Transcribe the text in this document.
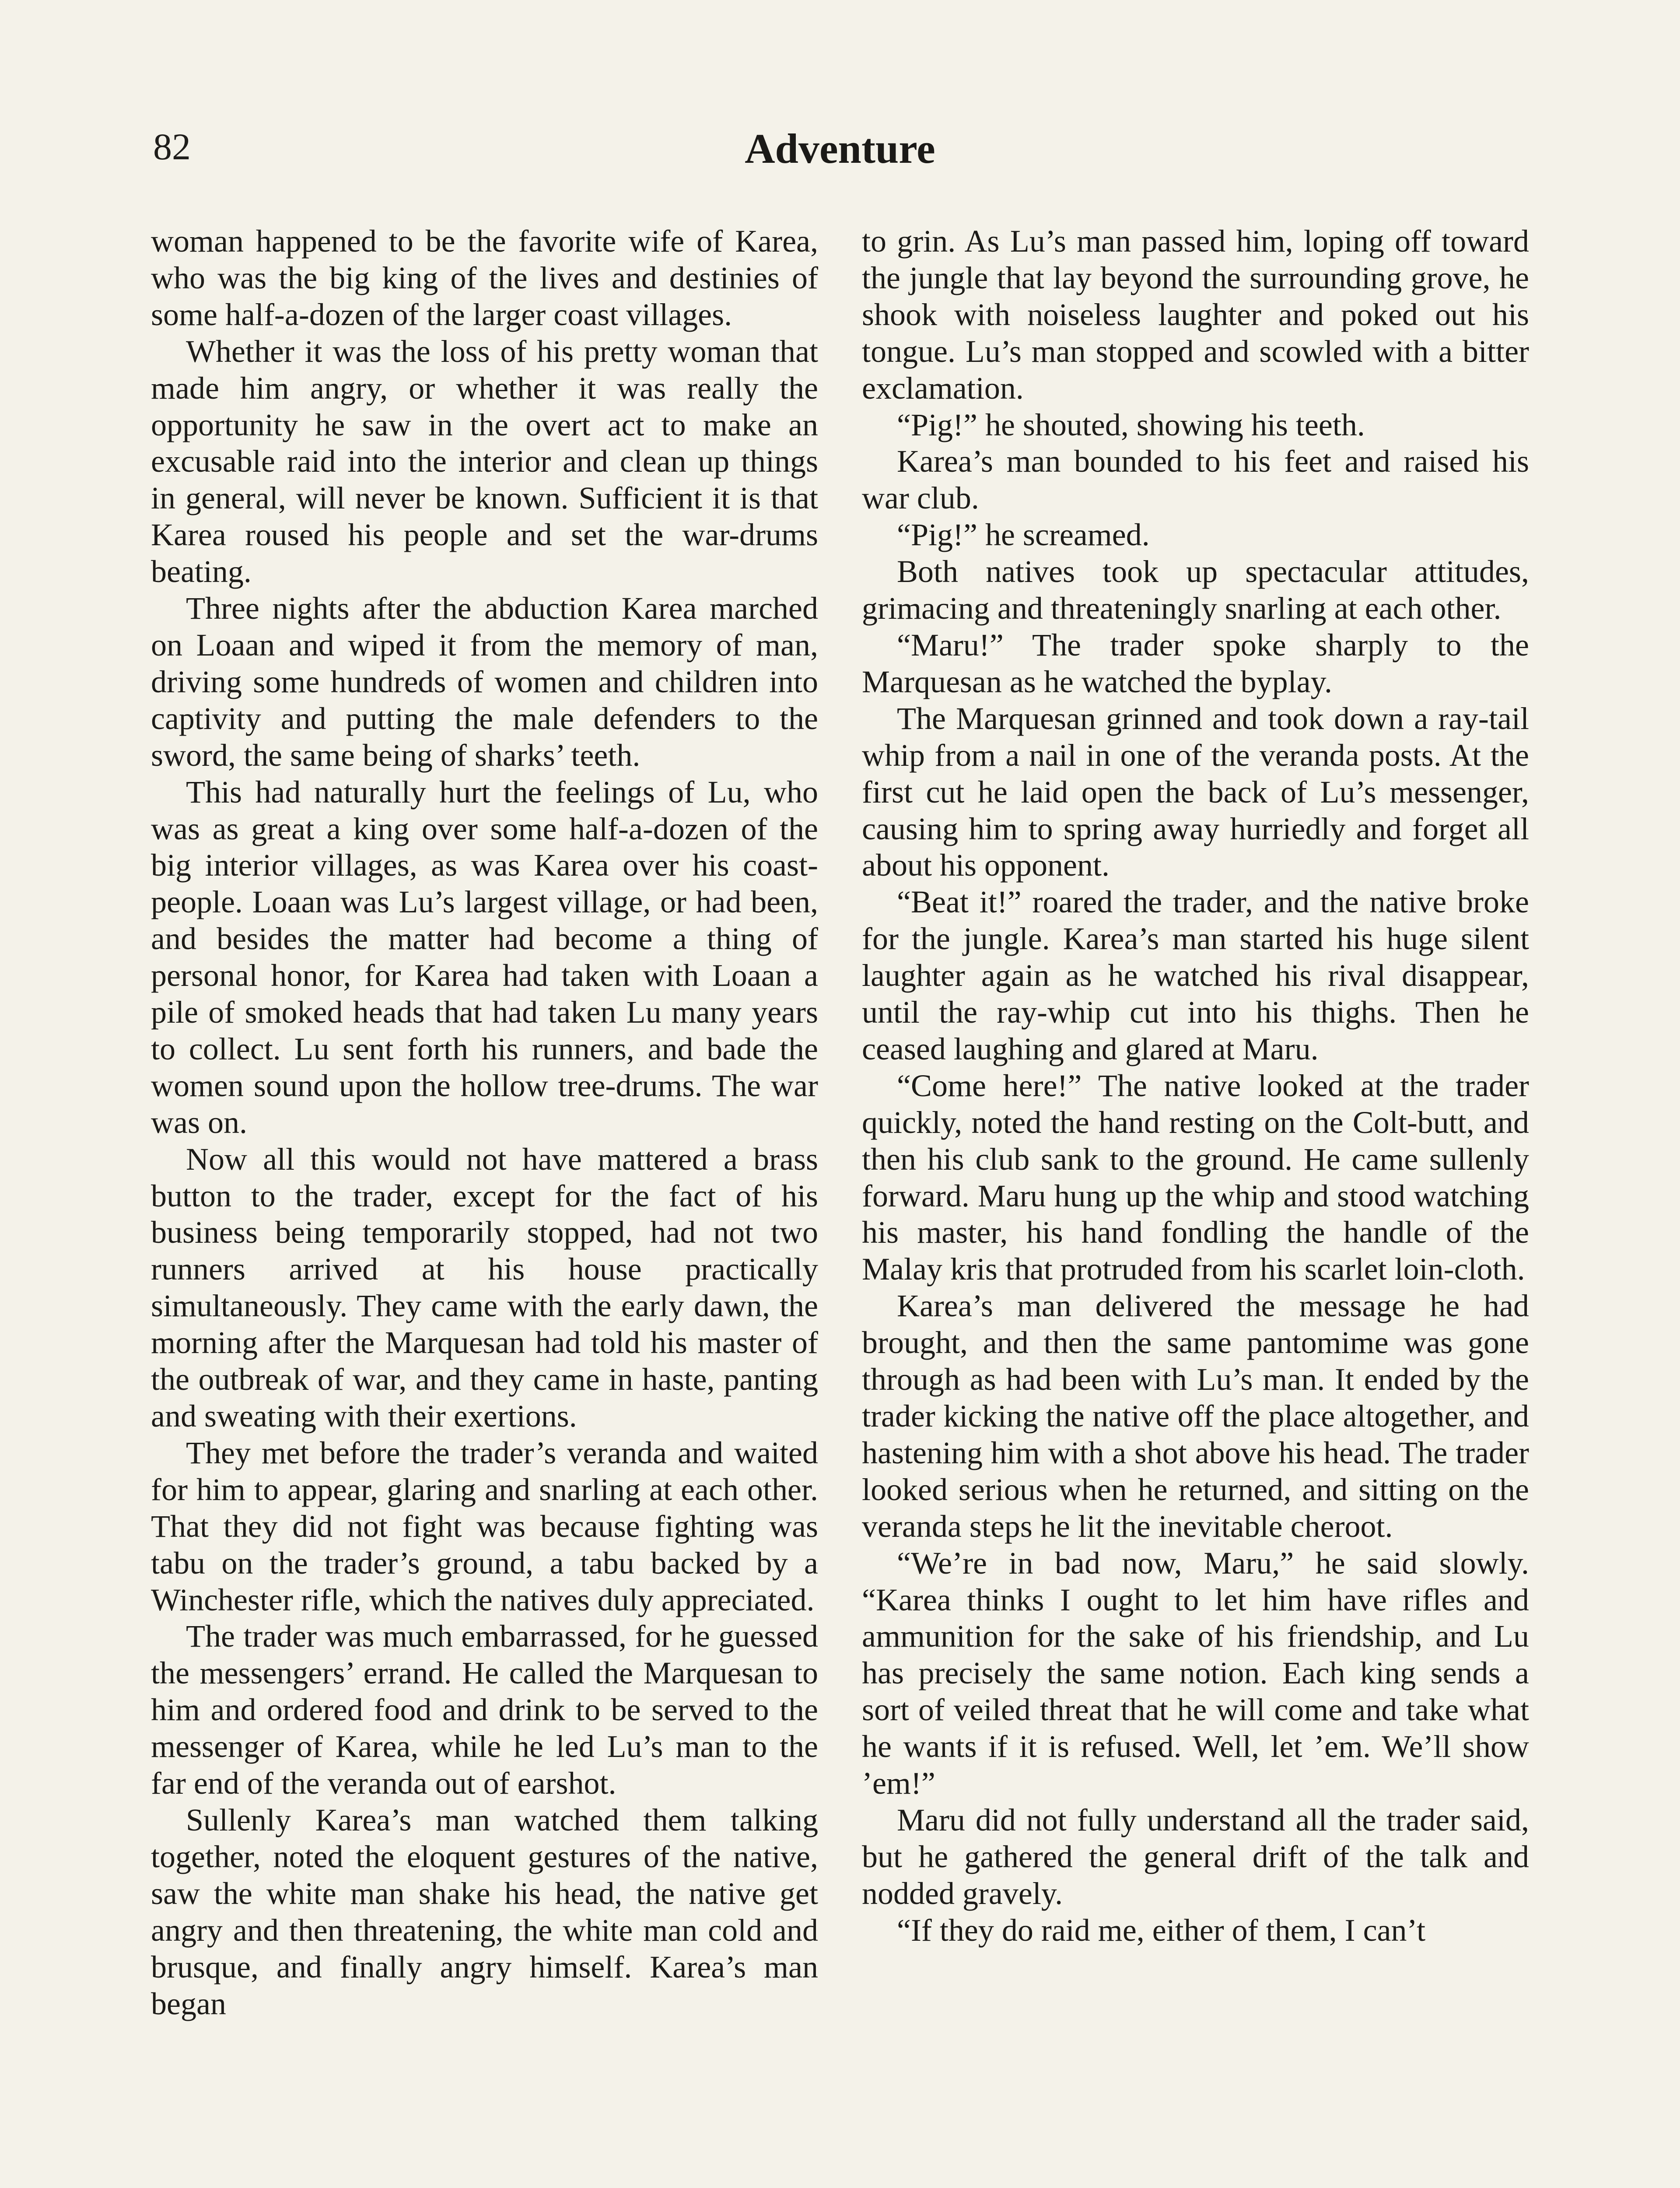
82	Adventure

woman happened to be the favorite wife of Karea, who was the big king of the lives and destinies of some half-a-dozen of the larger coast villages.

Whether it was the loss of his pretty woman that made him angry, or whether it was really the opportunity he saw in the overt act to make an excusable raid into the interior and clean up things in general, will never be known. Sufficient it is that Karea roused his people and set the war-drums beating.

Three nights after the abduction Karea marched on Loaan and wiped it from the memory of man, driving some hundreds of women and children into captivity and putting the male defenders to the sword, the same being of sharks’ teeth.

This had naturally hurt the feelings of Lu, who was as great a king over some half-a-dozen of the big interior villages, as was Karea over his coast-people. Loaan was Lu’s largest village, or had been, and besides the matter had become a thing of personal honor, for Karea had taken with Loaan a pile of smoked heads that had taken Lu many years to collect. Lu sent forth his runners, and bade the women sound upon the hollow tree-drums. The war was on.

Now all this would not have mattered a brass button to the trader, except for the fact of his business being temporarily stopped, had not two runners arrived at his house practically simultaneously. They came with the early dawn, the morning after the Marquesan had told his master of the outbreak of war, and they came in haste, panting and sweating with their exertions.

They met before the trader’s veranda and waited for him to appear, glaring and snarling at each other. That they did not fight was because fighting was tabu on the trader’s ground, a tabu backed by a Winchester rifle, which the natives duly appreciated.

The trader was much embarrassed, for he guessed the messengers’ errand. He called the Marquesan to him and ordered food and drink to be served to the messenger of Karea, while he led Lu’s man to the far end of the veranda out of earshot.

Sullenly Karea’s man watched them talking together, noted the eloquent gestures of the native, saw the white man shake his head, the native get angry and then threatening, the white man cold and brusque, and finally angry himself. Karea’s man began

to grin. As Lu’s man passed him, loping off toward the jungle that lay beyond the surrounding grove, he shook with noiseless laughter and poked out his tongue. Lu’s man stopped and scowled with a bitter exclamation.

“Pig!” he shouted, showing his teeth.

Karea’s man bounded to his feet and raised his war club.

“Pig!” he screamed.

Both natives took up spectacular attitudes, grimacing and threateningly snarling at each other.

“Maru!” The trader spoke sharply to the Marquesan as he watched the byplay.

The Marquesan grinned and took down a ray-tail whip from a nail in one of the veranda posts. At the first cut he laid open the back of Lu’s messenger, causing him to spring away hurriedly and forget all about his opponent.

“Beat it!” roared the trader, and the native broke for the jungle. Karea’s man started his huge silent laughter again as he watched his rival disappear, until the ray-whip cut into his thighs. Then he ceased laughing and glared at Maru.

“Come here!” The native looked at the trader quickly, noted the hand resting on the Colt-butt, and then his club sank to the ground. He came sullenly forward. Maru hung up the whip and stood watching his master, his hand fondling the handle of the Malay kris that protruded from his scarlet loin-cloth.

Karea’s man delivered the message he had brought, and then the same pantomime was gone through as had been with Lu’s man. It ended by the trader kicking the native off the place altogether, and hastening him with a shot above his head. The trader looked serious when he returned, and sitting on the veranda steps he lit the inevitable cheroot.

“We’re in bad now, Maru,” he said slowly. “Karea thinks I ought to let him have rifles and ammunition for the sake of his friendship, and Lu has precisely the same notion. Each king sends a sort of veiled threat that he will come and take what he wants if it is refused. Well, let ’em. We’ll show ’em!”

Maru did not fully understand all the trader said, but he gathered the general drift of the talk and nodded gravely.

“If they do raid me, either of them, I can’t
